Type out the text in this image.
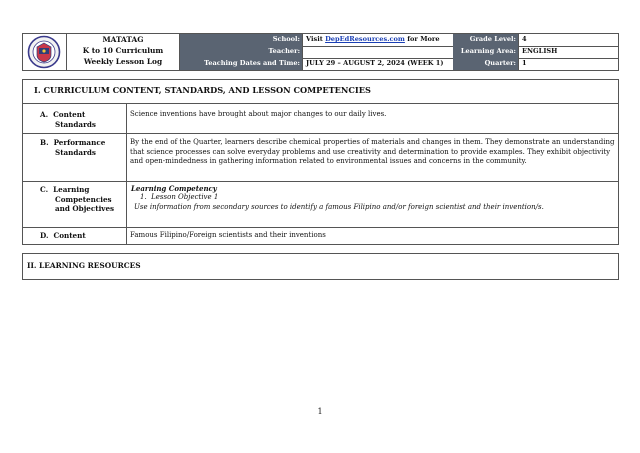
MATATAG
K to 10 Curriculum
Weekly Lesson Log
School: Visit DepEdResources.com for More
Teacher:
Teaching Dates and Time: JULY 29 – AUGUST 2, 2024 (WEEK 1)
Grade Level: 4
Learning Area: ENGLISH
Quarter: 1
I. CURRICULUM CONTENT, STANDARDS, AND LESSON COMPETENCIES
A.  Content
Standards
Science inventions have brought about major changes to our daily lives.
B.  Performance
Standards
By the end of the Quarter, learners describe chemical properties of materials and changes in them. They demonstrate an understanding that science processes can solve everyday problems and use creativity and determination to provide examples. They exhibit objectivity and open-mindedness in gathering information related to environmental issues and concerns in the community.
C.  Learning
Competencies
and Objectives
Learning Competency
1.  Lesson Objective 1
Use information from secondary sources to identify a famous Filipino and/or foreign scientist and their invention/s.
D.  Content	Famous Filipino/Foreign scientists and their inventions
II. LEARNING RESOURCES
1
